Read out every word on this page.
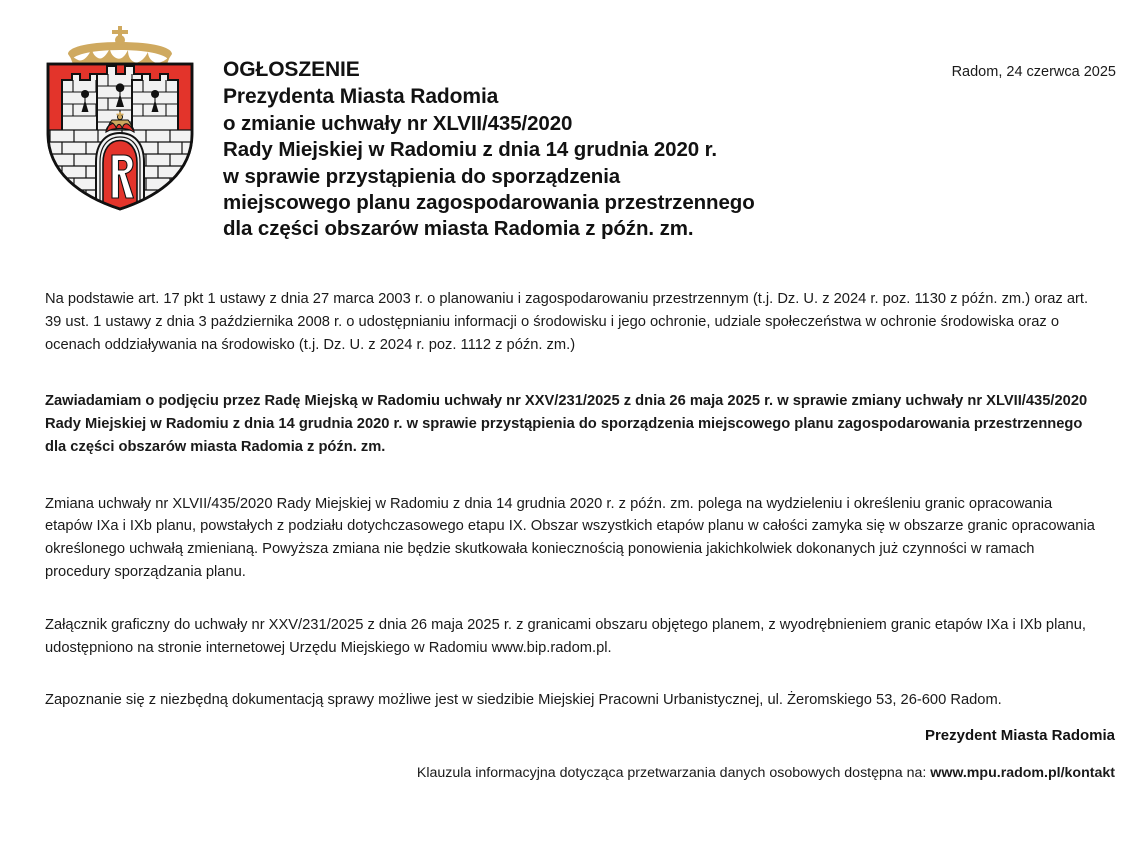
OGŁOSZENIE
Prezydenta Miasta Radomia
o zmianie uchwały nr XLVII/435/2020
Rady Miejskiej w Radomiu z dnia 14 grudnia 2020 r.
w sprawie przystąpienia do sporządzenia
miejscowego planu zagospodarowania przestrzennego
dla części obszarów miasta Radomia z późn. zm.
Radom, 24 czerwca 2025

Na podstawie art. 17 pkt 1 ustawy z dnia 27 marca 2003 r. o planowaniu i zagospodarowaniu przestrzennym (t.j. Dz. U. z 2024 r. poz. 1130 z późn. zm.) oraz art. 39 ust. 1 ustawy z dnia 3 października 2008 r. o udostępnianiu informacji o środowisku i jego ochronie, udziale społeczeństwa w ochronie środowiska oraz o ocenach oddziaływania na środowisko (t.j. Dz. U. z 2024 r. poz. 1112 z późn. zm.)

Zawiadamiam o podjęciu przez Radę Miejską w Radomiu uchwały nr XXV/231/2025 z dnia 26 maja 2025 r. w sprawie zmiany uchwały nr XLVII/435/2020 Rady Miejskiej w Radomiu z dnia 14 grudnia 2020 r. w sprawie przystąpienia do sporządzenia miejscowego planu zagospodarowania przestrzennego dla części obszarów miasta Radomia z późn. zm.

Zmiana uchwały nr XLVII/435/2020 Rady Miejskiej w Radomiu z dnia 14 grudnia 2020 r. z późn. zm. polega na wydzieleniu i określeniu granic opracowania etapów IXa i IXb planu, powstałych z podziału dotychczasowego etapu IX. Obszar wszystkich etapów planu w całości zamyka się w obszarze granic opracowania określonego uchwałą zmienianą. Powyższa zmiana nie będzie skutkowała koniecznością ponowienia jakichkolwiek dokonanych już czynności w ramach procedury sporządzania planu.

Załącznik graficzny do uchwały nr XXV/231/2025 z dnia 26 maja 2025 r. z granicami obszaru objętego planem, z wyodrębnieniem granic etapów IXa i IXb planu, udostępniono na stronie internetowej Urzędu Miejskiego w Radomiu www.bip.radom.pl.

Zapoznanie się z niezbędną dokumentacją sprawy możliwe jest w siedzibie Miejskiej Pracowni Urbanistycznej, ul. Żeromskiego 53, 26-600 Radom.

Prezydent Miasta Radomia
Klauzula informacyjna dotycząca przetwarzania danych osobowych dostępna na: www.mpu.radom.pl/kontakt
